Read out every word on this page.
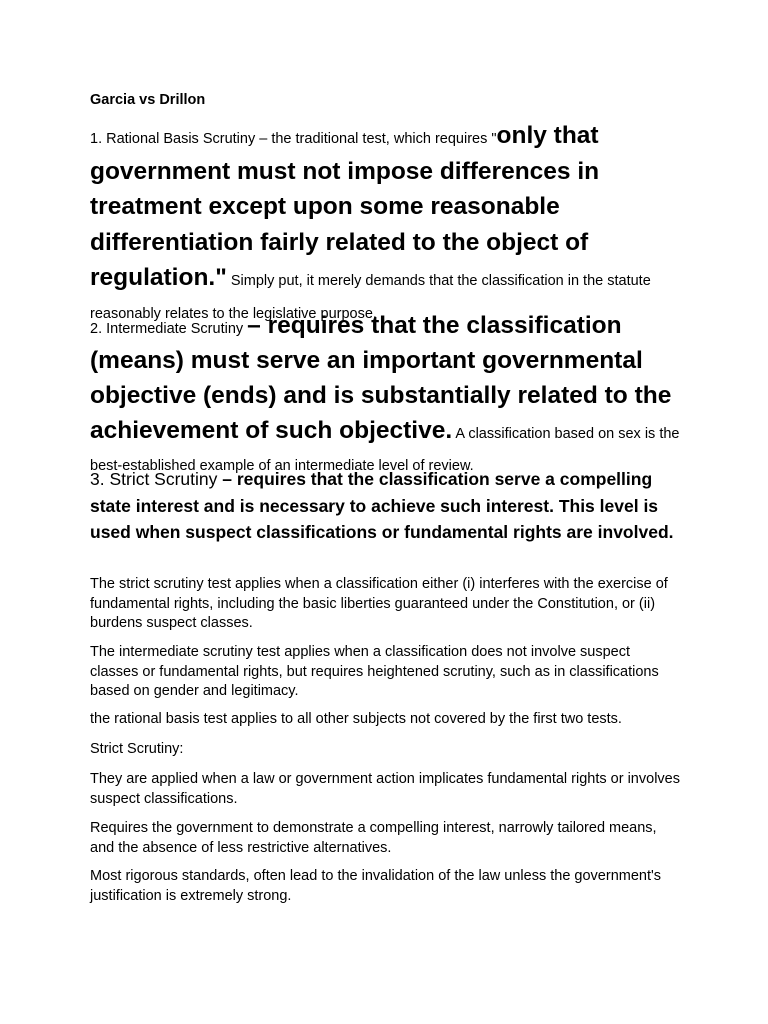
Garcia vs Drillon
1. Rational Basis Scrutiny – the traditional test, which requires "only that government must not impose differences in treatment except upon some reasonable differentiation fairly related to the object of regulation." Simply put, it merely demands that the classification in the statute reasonably relates to the legislative purpose.
2. Intermediate Scrutiny – requires that the classification (means) must serve an important governmental objective (ends) and is substantially related to the achievement of such objective. A classification based on sex is the best-established example of an intermediate level of review.
3. Strict Scrutiny – requires that the classification serve a compelling state interest and is necessary to achieve such interest. This level is used when suspect classifications or fundamental rights are involved.
The strict scrutiny test applies when a classification either (i) interferes with the exercise of fundamental rights, including the basic liberties guaranteed under the Constitution, or (ii) burdens suspect classes.
The intermediate scrutiny test applies when a classification does not involve suspect classes or fundamental rights, but requires heightened scrutiny, such as in classifications based on gender and legitimacy.
the rational basis test applies to all other subjects not covered by the first two tests.
Strict Scrutiny:
They are applied when a law or government action implicates fundamental rights or involves suspect classifications.
Requires the government to demonstrate a compelling interest, narrowly tailored means, and the absence of less restrictive alternatives.
Most rigorous standards, often lead to the invalidation of the law unless the government's justification is extremely strong.
